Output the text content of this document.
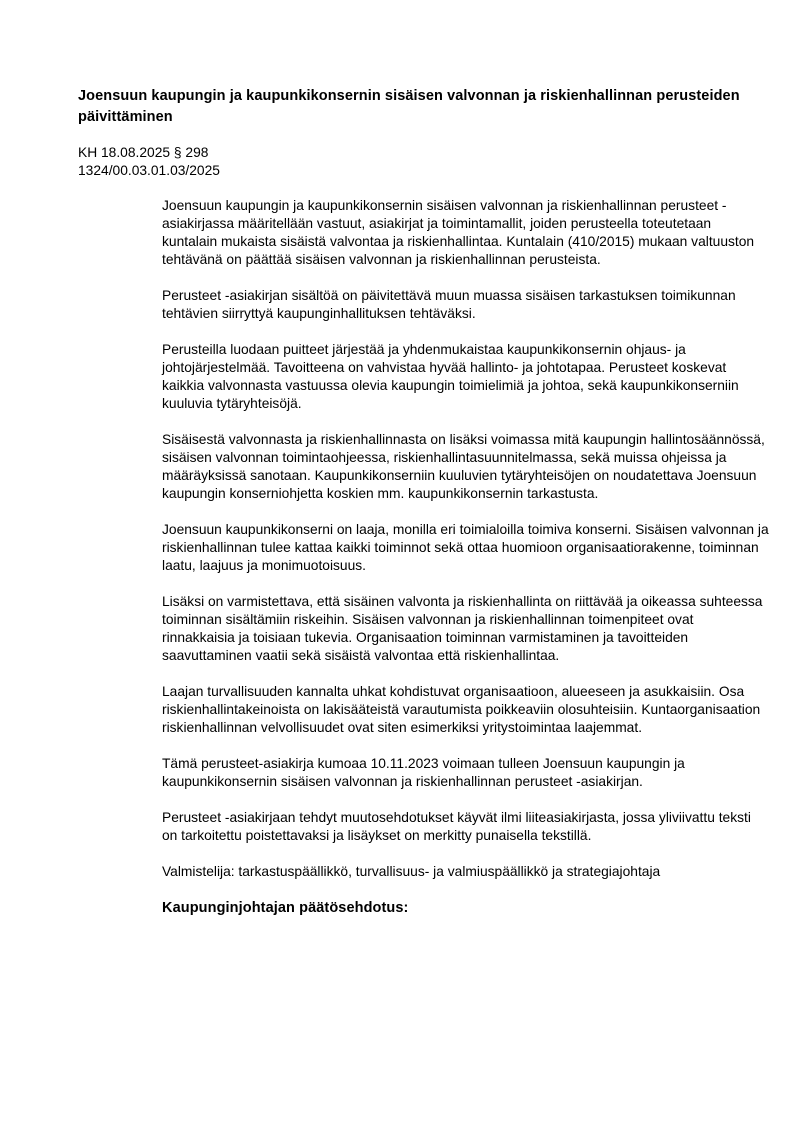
Joensuun kaupungin ja kaupunkikonsernin sisäisen valvonnan ja riskienhallinnan perusteiden päivittäminen
KH 18.08.2025 § 298
1324/00.03.01.03/2025

Joensuun kaupungin ja kaupunkikonsernin sisäisen valvonnan ja riskienhallinnan perusteet -asiakirjassa määritellään vastuut, asiakirjat ja toimintamallit, joiden perusteella toteutetaan kuntalain mukaista sisäistä valvontaa ja riskienhallintaa. Kuntalain (410/2015) mukaan valtuuston tehtävänä on päättää sisäisen valvonnan ja riskienhallinnan perusteista.

Perusteet -asiakirjan sisältöä on päivitettävä muun muassa sisäisen tarkastuksen toimikunnan tehtävien siirryttyä kaupunginhallituksen tehtäväksi.

Perusteilla luodaan puitteet järjestää ja yhdenmukaistaa kaupunkikonsernin ohjaus- ja johtojärjestelmää. Tavoitteena on vahvistaa hyvää hallinto- ja johtotapaa. Perusteet koskevat kaikkia valvonnasta vastuussa olevia kaupungin toimielimiä ja johtoa, sekä kaupunkikonserniin kuuluvia tytäryhteisöjä.

Sisäisestä valvonnasta ja riskienhallinnasta on lisäksi voimassa mitä kaupungin hallintosäännössä, sisäisen valvonnan toimintaohjeessa, riskienhallintasuunnitelmassa, sekä muissa ohjeissa ja määräyksissä sanotaan. Kaupunkikonserniin kuuluvien tytäryhteisöjen on noudatettava Joensuun kaupungin konserniohjetta koskien mm. kaupunkikonsernin tarkastusta.

Joensuun kaupunkikonserni on laaja, monilla eri toimialoilla toimiva konserni. Sisäisen valvonnan ja riskienhallinnan tulee kattaa kaikki toiminnot sekä ottaa huomioon organisaatiorakenne, toiminnan laatu, laajuus ja monimuotoisuus.

Lisäksi on varmistettava, että sisäinen valvonta ja riskienhallinta on riittävää ja oikeassa suhteessa toiminnan sisältämiin riskeihin. Sisäisen valvonnan ja riskienhallinnan toimenpiteet ovat rinnakkaisia ja toisiaan tukevia. Organisaation toiminnan varmistaminen ja tavoitteiden saavuttaminen vaatii sekä sisäistä valvontaa että riskienhallintaa.

Laajan turvallisuuden kannalta uhkat kohdistuvat organisaatioon, alueeseen ja asukkaisiin. Osa riskienhallintakeinoista on lakisääteistä varautumista poikkeaviin olosuhteisiin. Kuntaorganisaation riskienhallinnan velvollisuudet ovat siten esimerkiksi yritystoimintaa laajemmat.

Tämä perusteet-asiakirja kumoaa 10.11.2023 voimaan tulleen Joensuun kaupungin ja kaupunkikonsernin sisäisen valvonnan ja riskienhallinnan perusteet -asiakirjan.

Perusteet -asiakirjaan tehdyt muutosehdotukset käyvät ilmi liiteasiakirjasta, jossa yliviivattu teksti on tarkoitettu poistettavaksi ja lisäykset on merkitty punaisella tekstillä.

Valmistelija: tarkastuspäällikkö, turvallisuus- ja valmiuspäällikkö ja strategiajohtaja

Kaupunginjohtajan päätösehdotus:
